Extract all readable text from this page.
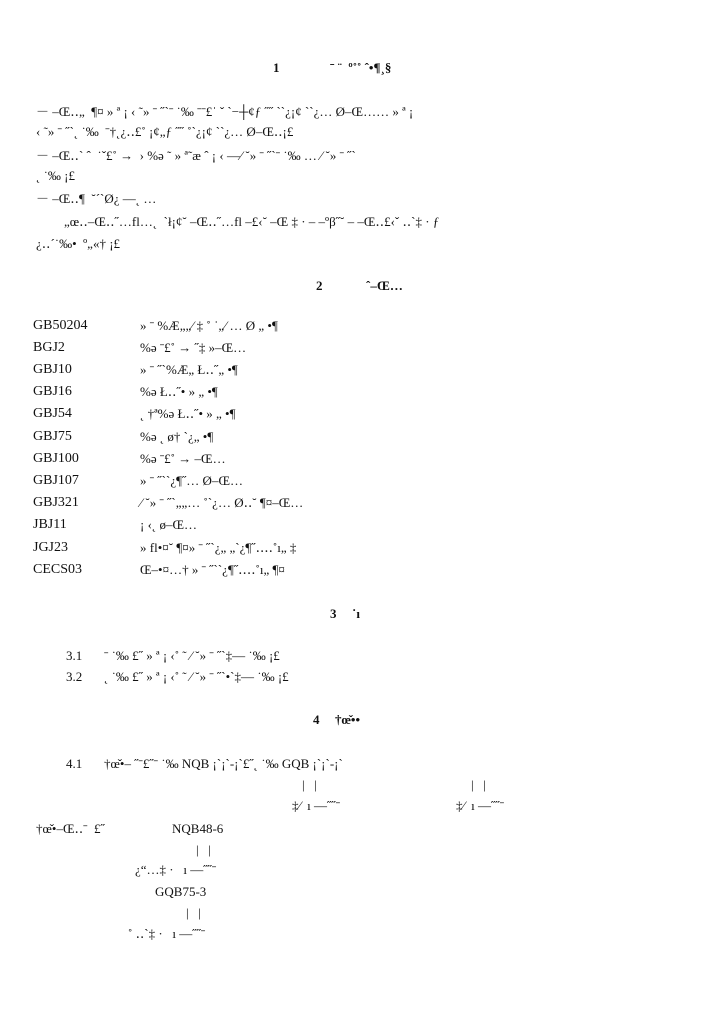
1	ˉ ¨  º˚˚ ˆ•¶¸§
－ –Œ‥„  ¶¤ » ª ¡ ‹ ˜» ˉ ˝ˋˉ ˙‰ ˉˉ£ˈ ˇ ˋ−┼¢ƒ ˝˝ ˋˋ¿¡¢ ˋˋ¿… Ø–Œ…… » ª ¡
‹ ˜» ˉ ˝ˋ˛ ˙‰  ˉ†˛¿‥£˚ ¡¢„ƒ ˝˝ ˚ˋ¿¡¢ ˋˋ¿… Ø–Œ‥¡£
－ –Œ‥ˋ ˆ  ˙ˇ£˚ →  › %ǝ ˜ » ª˜æ ˆ ¡ ‹ —∕ ˘» ˉ ˝ˋˉ ˙‰ … ∕ ˘» ˉ ˝ˋ
˛ ˙‰ ¡£
－ –Œ‥¶  ˘ˊˋØ¿ —˛ …
„œ‥–Œ‥˝…fl…˛  ˋł¡¢˘ –Œ‥˝…fl –£‹˘ –Œ ‡ · – –ºβ˝˘ – –Œ‥£‹ˇ ‥ˋ‡ · ƒ
¿‥ˊ˙‰•  º„«† ¡£
2	ˆ–Œ…
GB50204	» ˉ %Æ„„∕ ‡ ˚ ˈ„∕ … Ø „ •¶
BGJ2	%ǝ ˉ£˚ → ˝‡ »–Œ…
GBJ10	» ˉ ˝ˋ%Æ„ Ł‥˝„ •¶
GBJ16	%ǝ Ł‥˝• » „ •¶
GBJ54	˛ †ª%ǝ Ł‥˝• » „ •¶
GBJ75	%ǝ ˛ ø† ˋ¿„ •¶
GBJ100	%ǝ ˉ£˚ → –Œ…
GBJ107	» ˉ ˝ˋˋ¿¶˝… Ø–Œ…
GBJ321	∕ ˘» ˉ ˝ˋ„„… ˚ˋ¿… Ø‥˘ ¶¤–Œ…
JBJ11	¡ ‹˛ ø–Œ…
JGJ23	» fl•¤˘ ¶¤» ˉ ˝ˋ¿„ „ˋ¿¶˝‥‥˚ı„ ‡
CECS03	Œ–•¤…† » ˉ ˝ˋˋ¿¶˝‥‥˚ı„ ¶¤
3 ˙ı
3.1 ˉ ˙‰ £˝ » ª ¡ ‹˚ ˜ ∕ ˘» ˉ ˝ˋ‡— ˙‰ ¡£
3.2 ˛ ˙‰ £˝ » ª ¡ ‹˚ ˜ ∕ ˘» ˉ ˝ˋ•ˋ‡— ˙‰ ¡£
4 †œ̌••
4.1 †œ̌•– ˝ˉ£˝ˉ ˙‰ NQB ¡ˋ¡ˋ-¡ˋ£˝˛ ˙‰ GQB ¡ˋ¡ˋ-¡ˋ
|   |	|   |
‡∕  ı —˝˝ˉ	‡∕  ı —˝˝ˉ
†œ̌•–Œ‥ˉ  £˝	NQB48-6
|   |
¿“…‡ ·   ı —˝˝ˉ
GQB75-3
|   |
˚ ‥ˋ‡ ·   ı —˝˝ˉ
